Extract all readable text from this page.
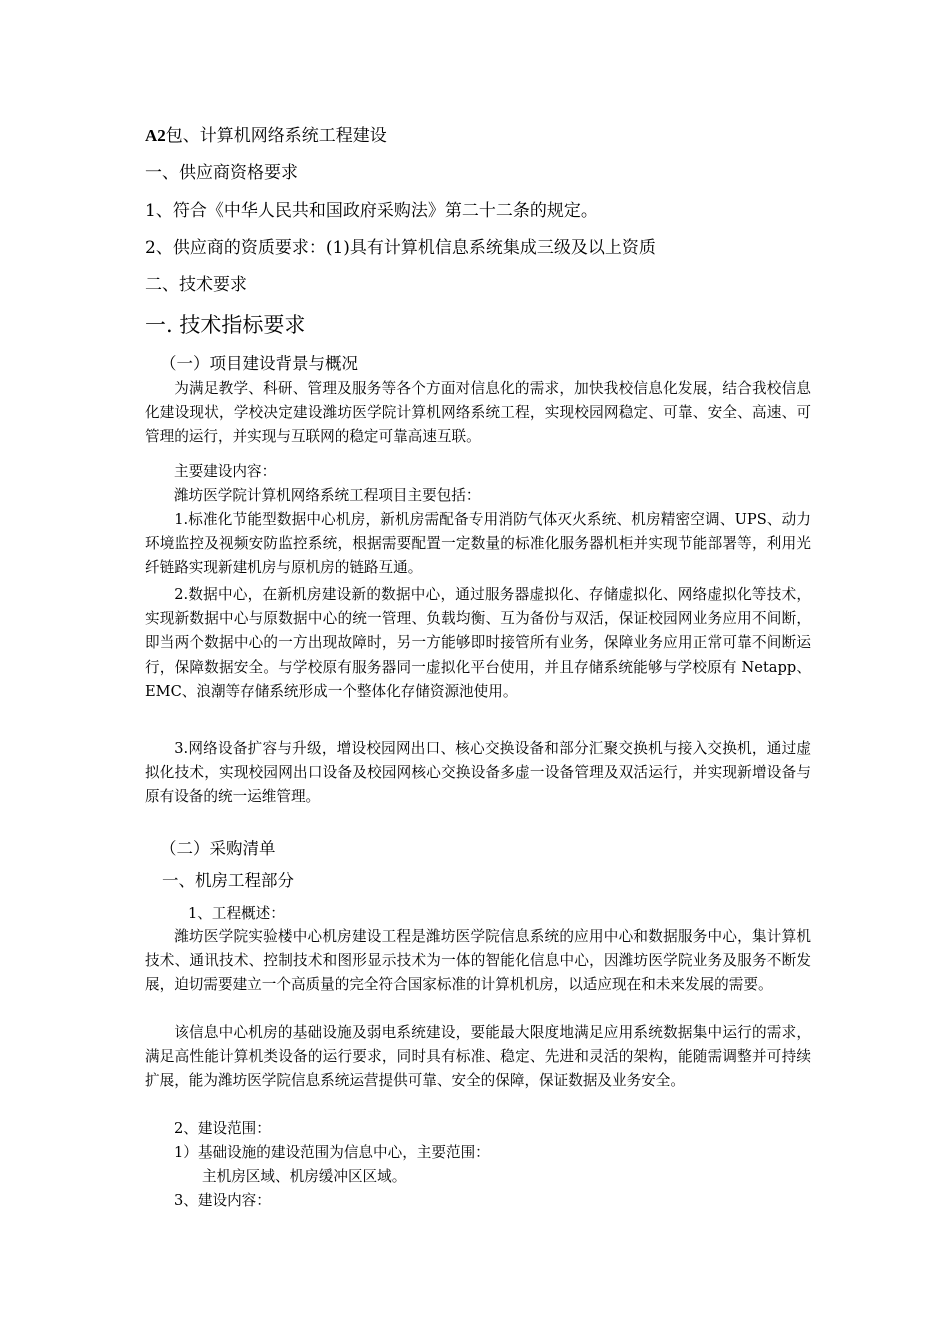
A2包、计算机网络系统工程建设
一、供应商资格要求
1、符合《中华人民共和国政府采购法》第二十二条的规定。
2、供应商的资质要求：(1)具有计算机信息系统集成三级及以上资质
二、技术要求
一. 技术指标要求
（一）项目建设背景与概况
为满足教学、科研、管理及服务等各个方面对信息化的需求，加快我校信息化发展，结合我校信息化建设现状，学校决定建设潍坊医学院计算机网络系统工程，实现校园网稳定、可靠、安全、高速、可管理的运行，并实现与互联网的稳定可靠高速互联。
主要建设内容：
潍坊医学院计算机网络系统工程项目主要包括：
1.标准化节能型数据中心机房，新机房需配备专用消防气体灭火系统、机房精密空调、UPS、动力环境监控及视频安防监控系统，根据需要配置一定数量的标准化服务器机柜并实现节能部署等，利用光纤链路实现新建机房与原机房的链路互通。
2.数据中心，在新机房建设新的数据中心，通过服务器虚拟化、存储虚拟化、网络虚拟化等技术，实现新数据中心与原数据中心的统一管理、负载均衡、互为备份与双活，保证校园网业务应用不间断，即当两个数据中心的一方出现故障时，另一方能够即时接管所有业务，保障业务应用正常可靠不间断运行，保障数据安全。与学校原有服务器同一虚拟化平台使用，并且存储系统能够与学校原有 Netapp、EMC、浪潮等存储系统形成一个整体化存储资源池使用。
3.网络设备扩容与升级，增设校园网出口、核心交换设备和部分汇聚交换机与接入交换机，通过虚拟化技术，实现校园网出口设备及校园网核心交换设备多虚一设备管理及双活运行，并实现新增设备与原有设备的统一运维管理。
（二）采购清单
一、机房工程部分
1、工程概述：
潍坊医学院实验楼中心机房建设工程是潍坊医学院信息系统的应用中心和数据服务中心，集计算机技术、通讯技术、控制技术和图形显示技术为一体的智能化信息中心，因潍坊医学院业务及服务不断发展，迫切需要建立一个高质量的完全符合国家标准的计算机机房，以适应现在和未来发展的需要。
该信息中心机房的基础设施及弱电系统建设，要能最大限度地满足应用系统数据集中运行的需求，满足高性能计算机类设备的运行要求，同时具有标准、稳定、先进和灵活的架构，能随需调整并可持续扩展，能为潍坊医学院信息系统运营提供可靠、安全的保障，保证数据及业务安全。
2、建设范围：
1）基础设施的建设范围为信息中心，主要范围：
主机房区域、机房缓冲区区域。
3、建设内容：
